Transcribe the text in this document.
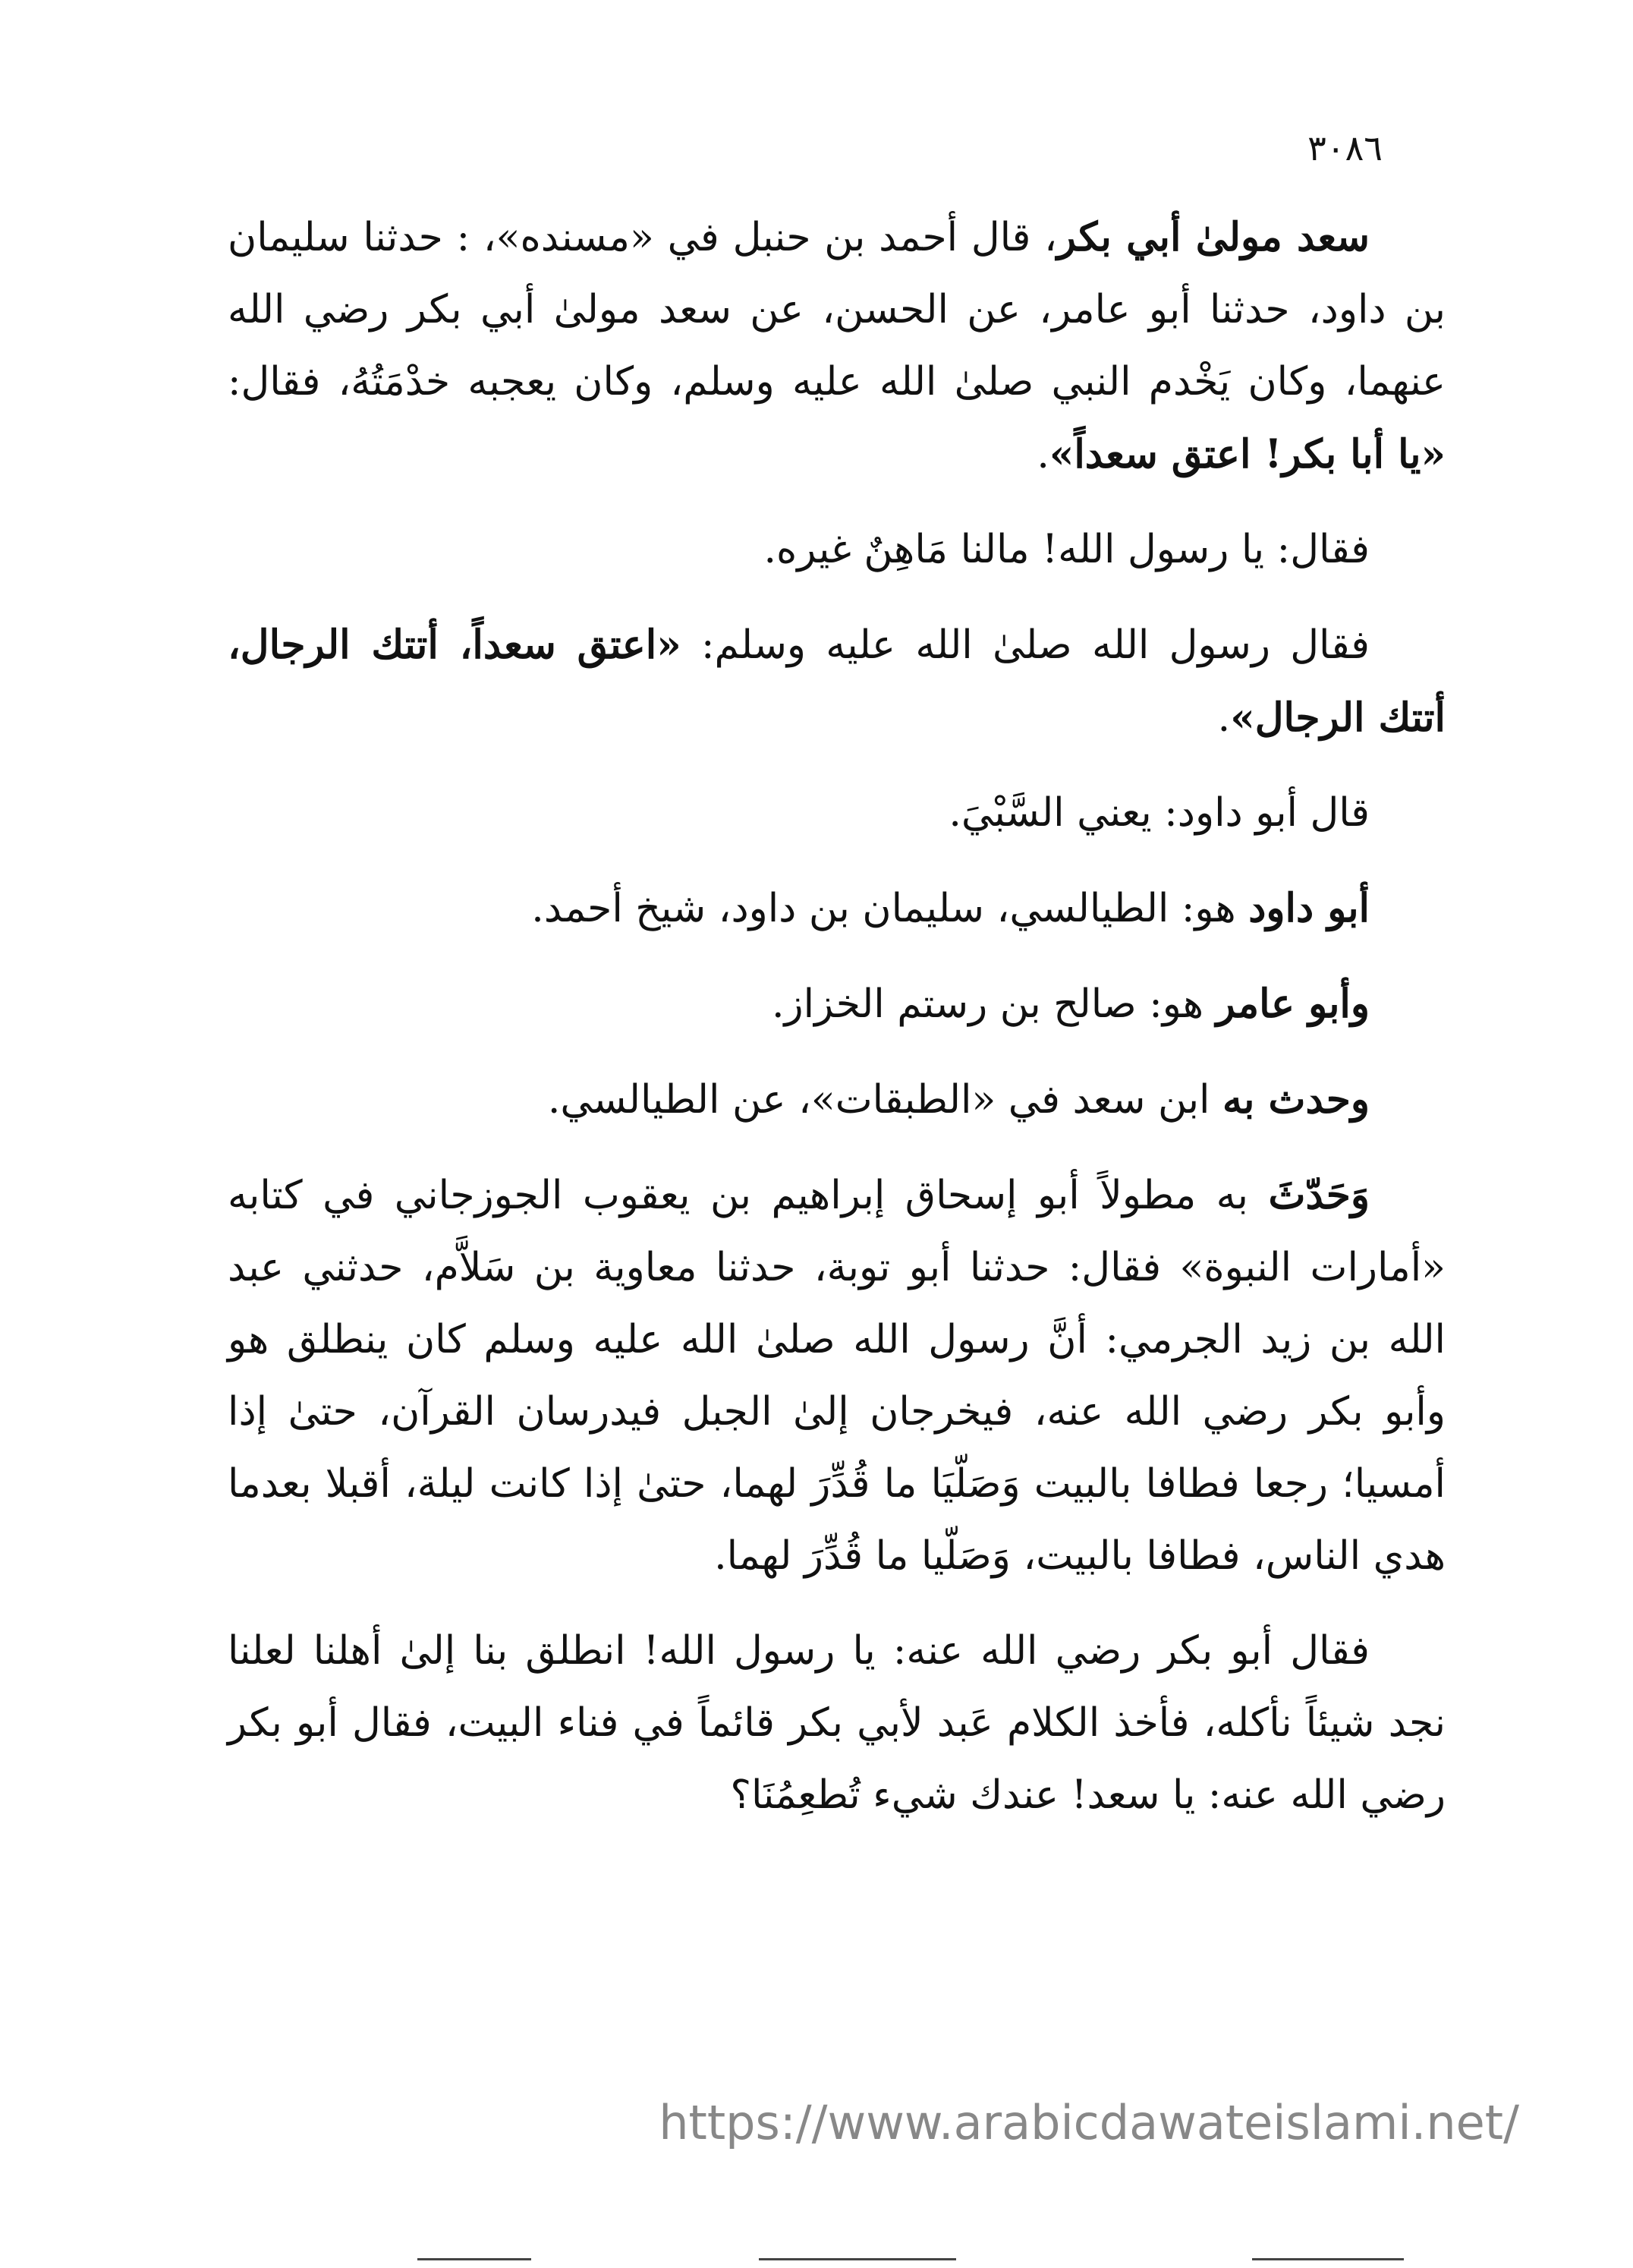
٣٠٨٦

سعد مولىٰ أبي بكر، قال أحمد بن حنبل في «مسنده»، : حدثنا سليمان بن داود، حدثنا أبو عامر، عن الحسن، عن سعد مولىٰ أبي بكر رضي الله عنهما، وكان يَخْدم النبي صلىٰ الله عليه وسلم، وكان يعجبه خدْمَتُهُ، فقال: «يا أبا بكر! اعتق سعداً».

فقال: يا رسول الله! مالنا مَاهِنٌ غيره.

فقال رسول الله صلىٰ الله عليه وسلم: «اعتق سعداً، أتتك الرجال، أتتك الرجال».

قال أبو داود: يعني السَّبْيَ.

أبو داود هو: الطيالسي، سليمان بن داود، شيخ أحمد.

وأبو عامر هو: صالح بن رستم الخزاز.

وحدث به ابن سعد في «الطبقات»، عن الطيالسي.

وَحَدّثَ به مطولاً أبو إسحاق إبراهيم بن يعقوب الجوزجاني في كتابه «أمارات النبوة» فقال: حدثنا أبو توبة، حدثنا معاوية بن سَلاَّم، حدثني عبد الله بن زيد الجرمي: أنَّ رسول الله صلىٰ الله عليه وسلم كان ينطلق هو وأبو بكر رضي الله عنه، فيخرجان إلىٰ الجبل فيدرسان القرآن، حتىٰ إذا أمسيا؛ رجعا فطافا بالبيت وَصَلّيَا ما قُدِّرَ لهما، حتىٰ إذا كانت ليلة، أقبلا بعدما هدي الناس، فطافا بالبيت، وَصَلّيا ما قُدِّرَ لهما.

فقال أبو بكر رضي الله عنه: يا رسول الله! انطلق بنا إلىٰ أهلنا لعلنا نجد شيئاً نأكله، فأخذ الكلام عَبد لأبي بكر قائماً في فناء البيت، فقال أبو بكر رضي الله عنه: يا سعد! عندك شيء تُطعِمُنَا؟

https://www.arabicdawateislami.net/
